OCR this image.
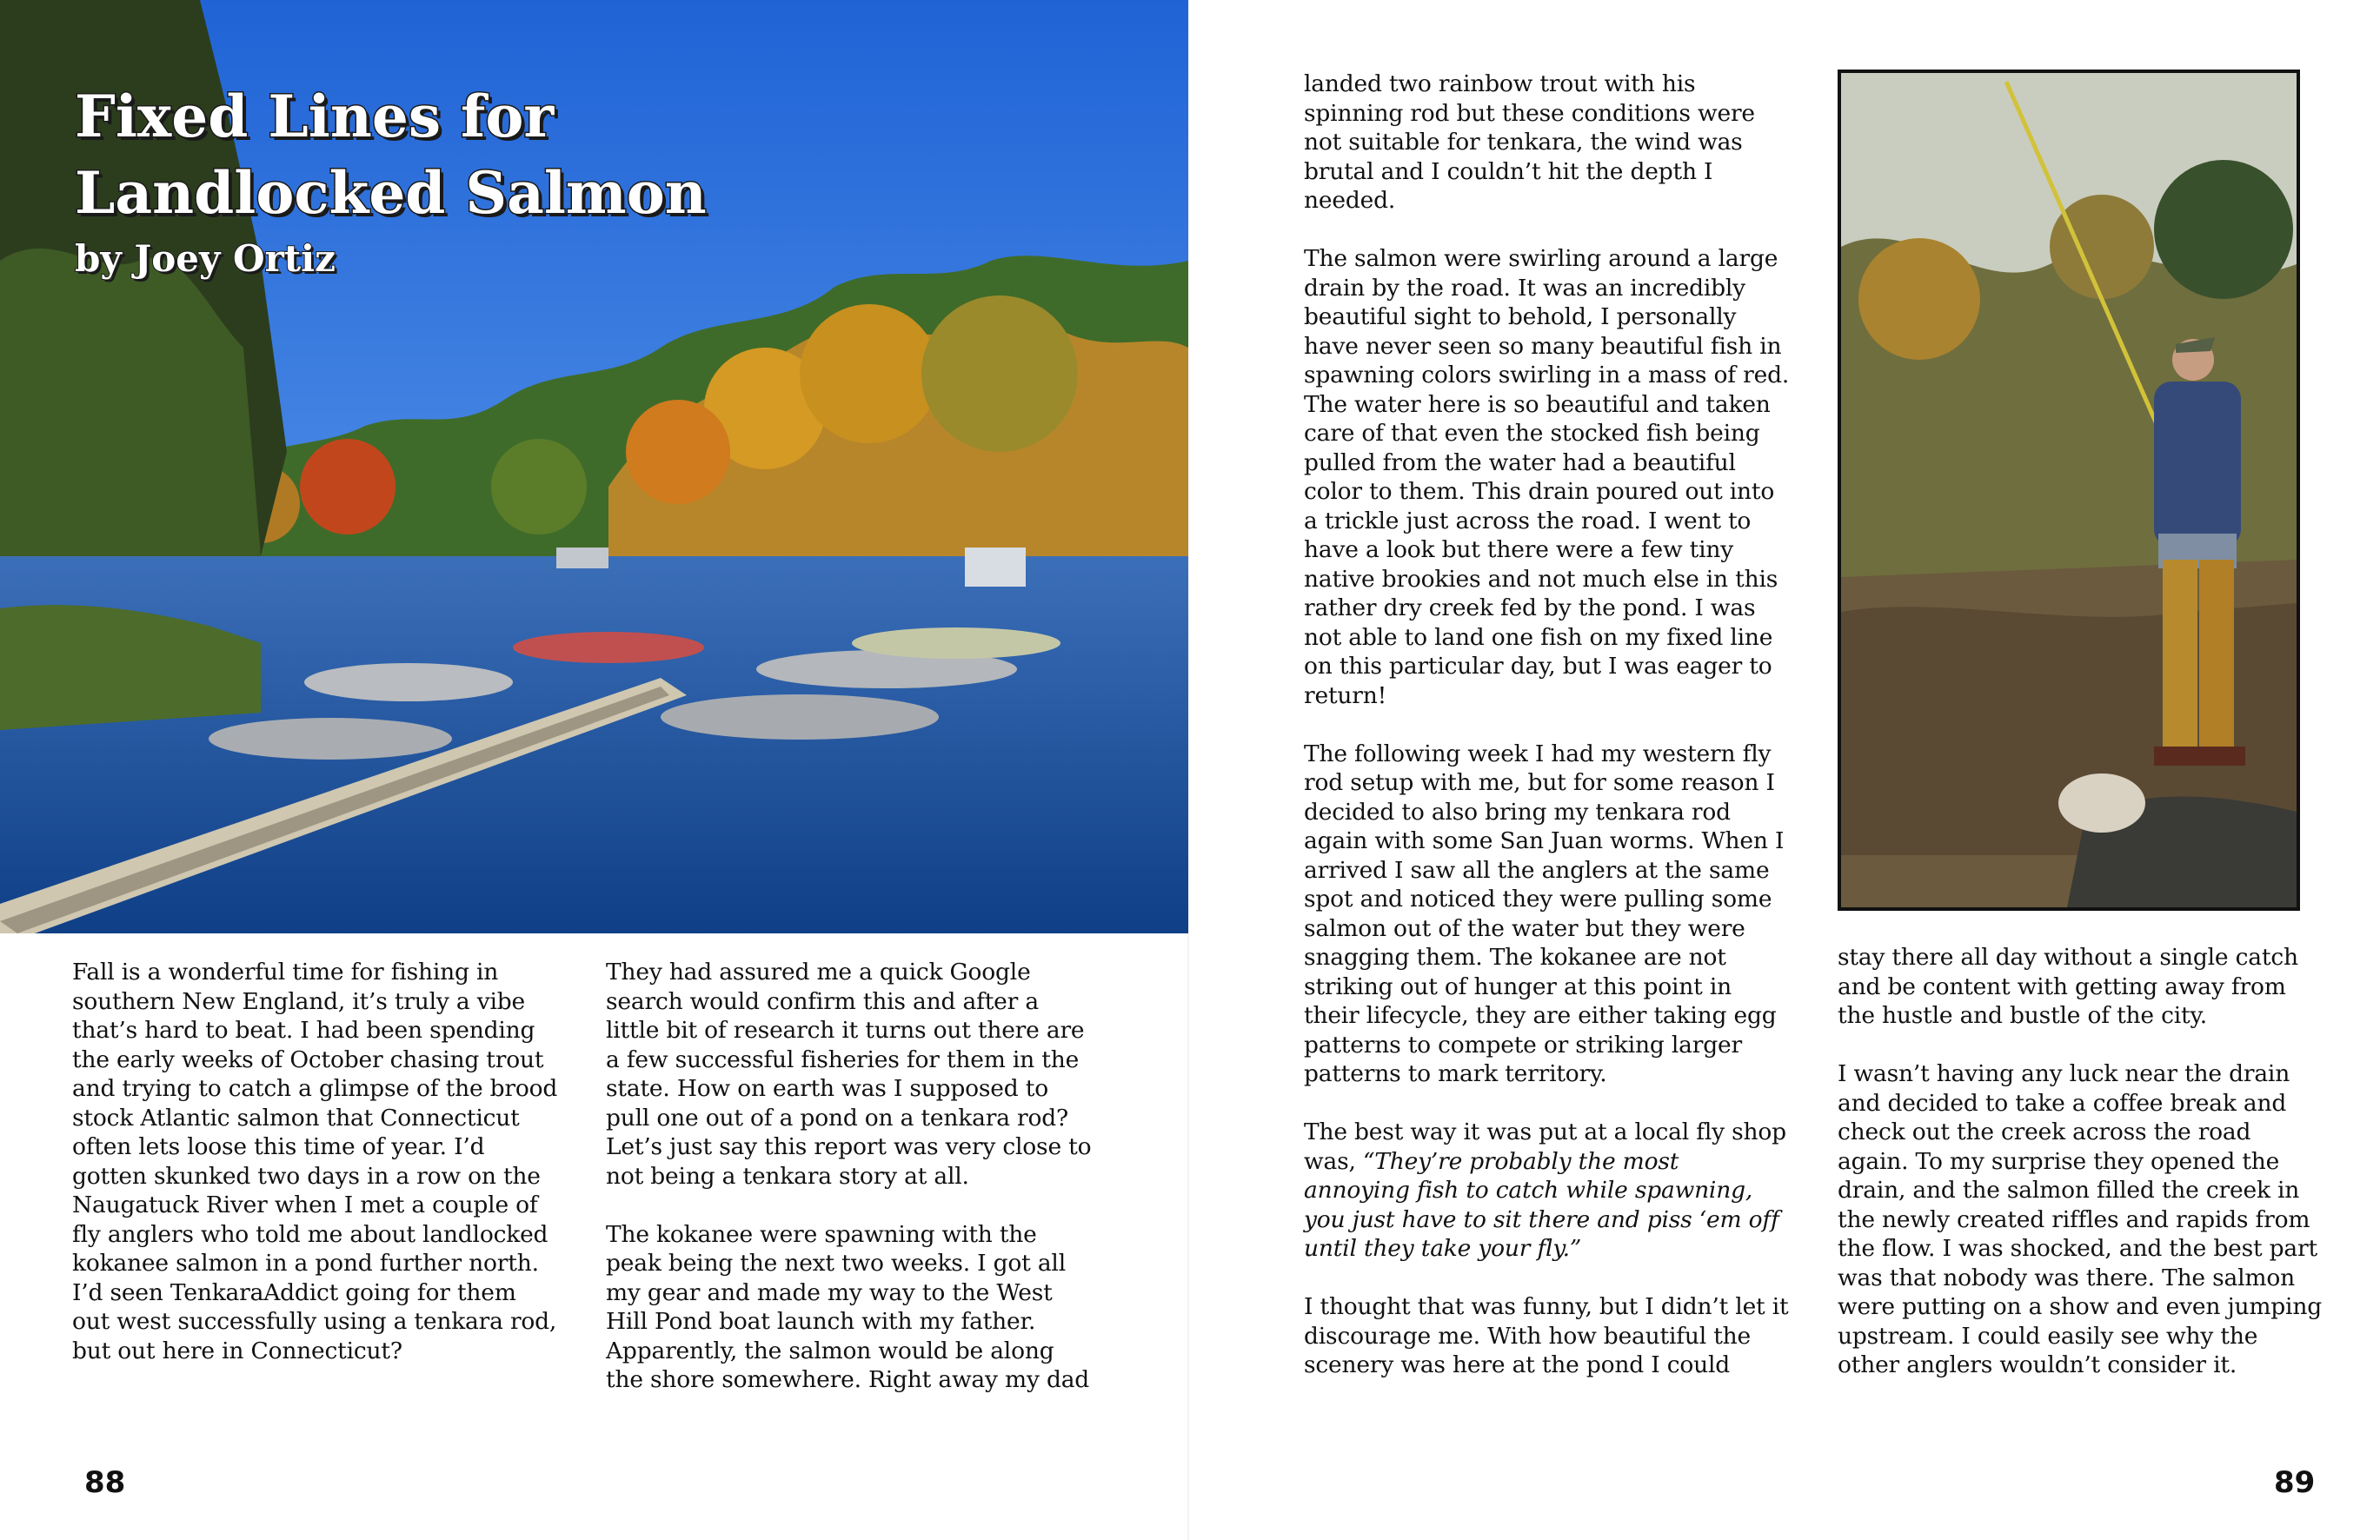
Fixed Lines for

Landlocked Salmon

by Joey Ortiz

Fall is a wonderful time for fishing in southern New England, it’s truly a vibe that’s hard to beat. I had been spending the early weeks of October chasing trout and trying to catch a glimpse of the brood stock Atlantic salmon that Connecticut often lets loose this time of year. I’d gotten skunked two days in a row on the Naugatuck River when I met a couple of fly anglers who told me about landlocked kokanee salmon in a pond further north. I’d seen TenkaraAddict going for them out west successfully using a tenkara rod, but out here in Connecticut?

They had assured me a quick Google search would confirm this and after a little bit of research it turns out there are a few successful fisheries for them in the state. How on earth was I supposed to pull one out of a pond on a tenkara rod? Let’s just say this report was very close to not being a tenkara story at all.

The kokanee were spawning with the peak being the next two weeks. I got all my gear and made my way to the West Hill Pond boat launch with my father. Apparently, the salmon would be along the shore somewhere. Right away my dad

88

landed two rainbow trout with his spinning rod but these conditions were not suitable for tenkara, the wind was brutal and I couldn’t hit the depth I needed.

The salmon were swirling around a large drain by the road. It was an incredibly beautiful sight to behold, I personally have never seen so many beautiful fish in spawning colors swirling in a mass of red. The water here is so beautiful and taken care of that even the stocked fish being pulled from the water had a beautiful color to them. This drain poured out into a trickle just across the road. I went to have a look but there were a few tiny native brookies and not much else in this rather dry creek fed by the pond. I was not able to land one fish on my fixed line on this particular day, but I was eager to return!

The following week I had my western fly rod setup with me, but for some reason I decided to also bring my tenkara rod again with some San Juan worms. When I arrived I saw all the anglers at the same spot and noticed they were pulling some salmon out of the water but they were snagging them. The kokanee are not striking out of hunger at this point in their lifecycle, they are either taking egg patterns to compete or striking larger patterns to mark territory.

The best way it was put at a local fly shop was, “They’re probably the most annoying fish to catch while spawning, you just have to sit there and piss ‘em off until they take your fly.”

I thought that was funny, but I didn’t let it discourage me. With how beautiful the scenery was here at the pond I could

stay there all day without a single catch and be content with getting away from the hustle and bustle of the city.

I wasn’t having any luck near the drain and decided to take a coffee break and check out the creek across the road again. To my surprise they opened the drain, and the salmon filled the creek in the newly created riffles and rapids from the flow. I was shocked, and the best part was that nobody was there. The salmon were putting on a show and even jumping upstream. I could easily see why the other anglers wouldn’t consider it.

89
